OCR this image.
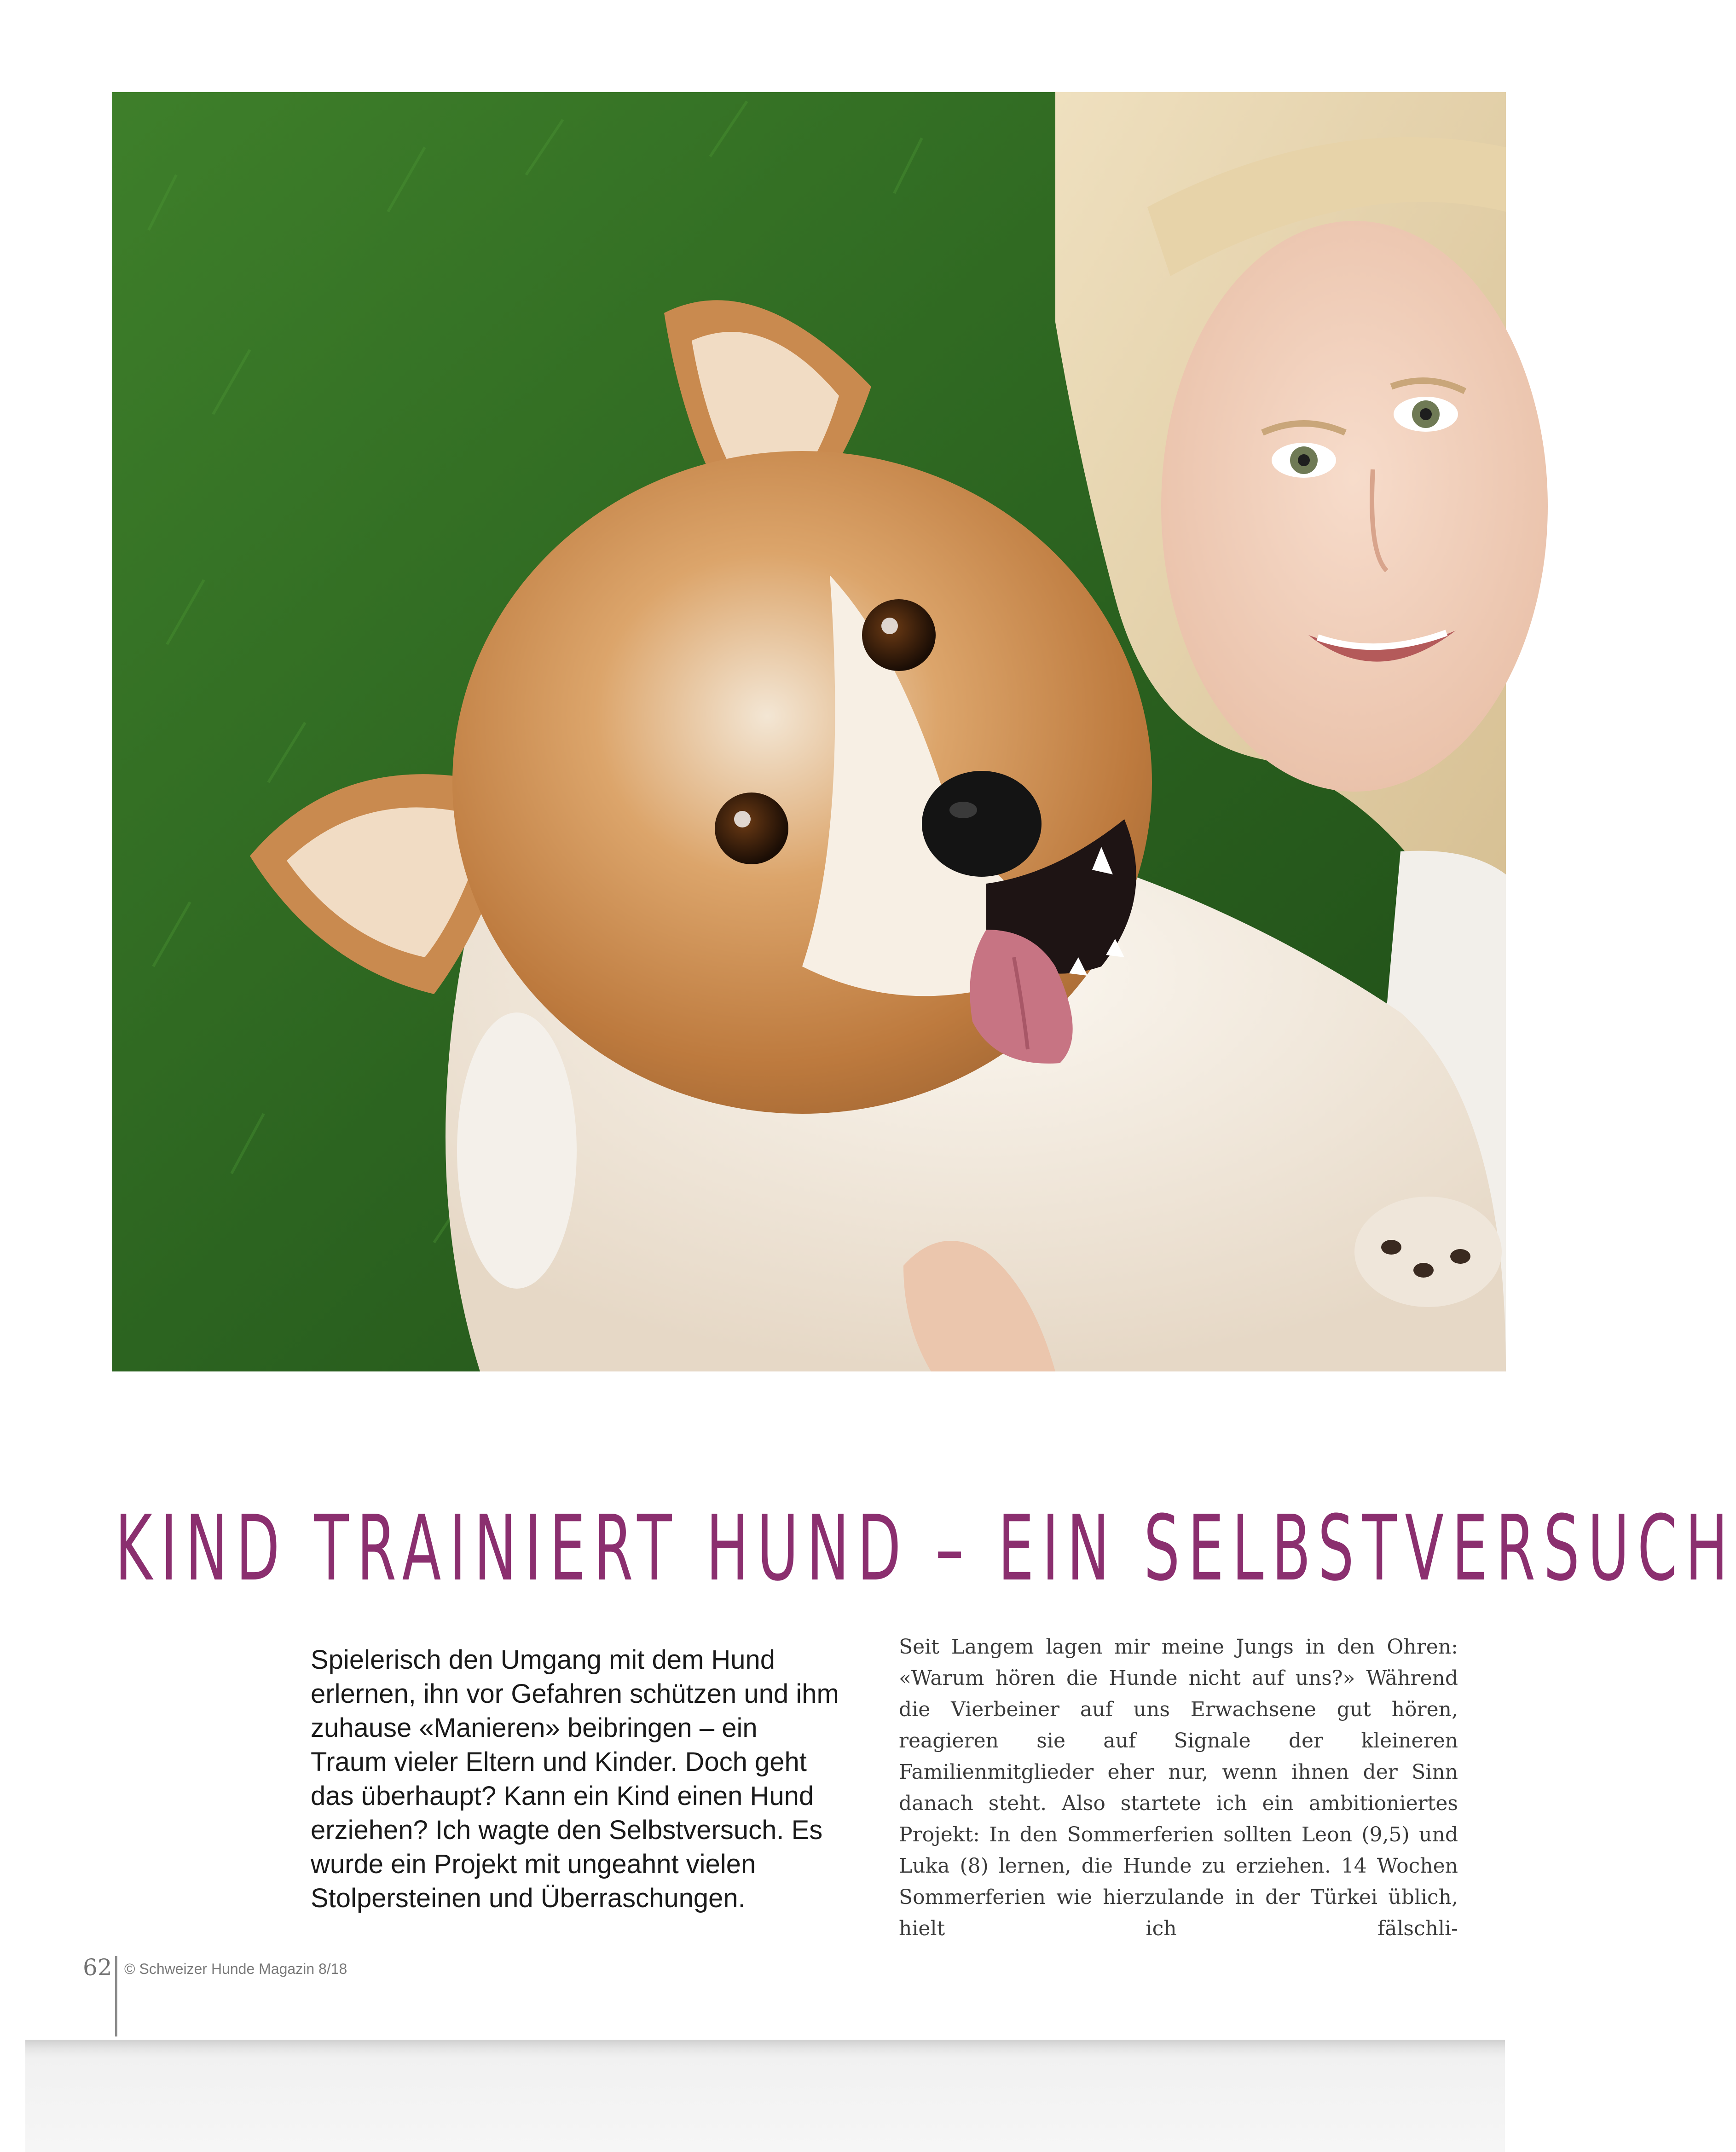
KIND TRAINIERT HUND – EIN SELBSTVERSUCH

Spielerisch den Umgang mit dem Hund erlernen, ihn vor Gefahren schützen und ihm zuhause «Manieren» beibringen – ein Traum vieler Eltern und Kinder. Doch geht das überhaupt? Kann ein Kind einen Hund erziehen? Ich wagte den Selbstversuch. Es wurde ein Projekt mit ungeahnt vielen Stolpersteinen und Überraschungen.

Seit Langem lagen mir meine Jungs in den Ohren: «Warum hören die Hunde nicht auf uns?» Während die Vierbeiner auf uns Erwachsene gut hören, reagieren sie auf Signale der kleineren Familienmitglieder eher nur, wenn ihnen der Sinn danach steht. Also startete ich ein ambitioniertes Projekt: In den Sommerferien sollten Leon (9,5) und Luka (8) lernen, die Hunde zu erziehen. 14 Wochen Sommerferien wie hierzulande in der Türkei üblich, hielt ich fälschli-

62 © Schweizer Hunde Magazin 8/18
